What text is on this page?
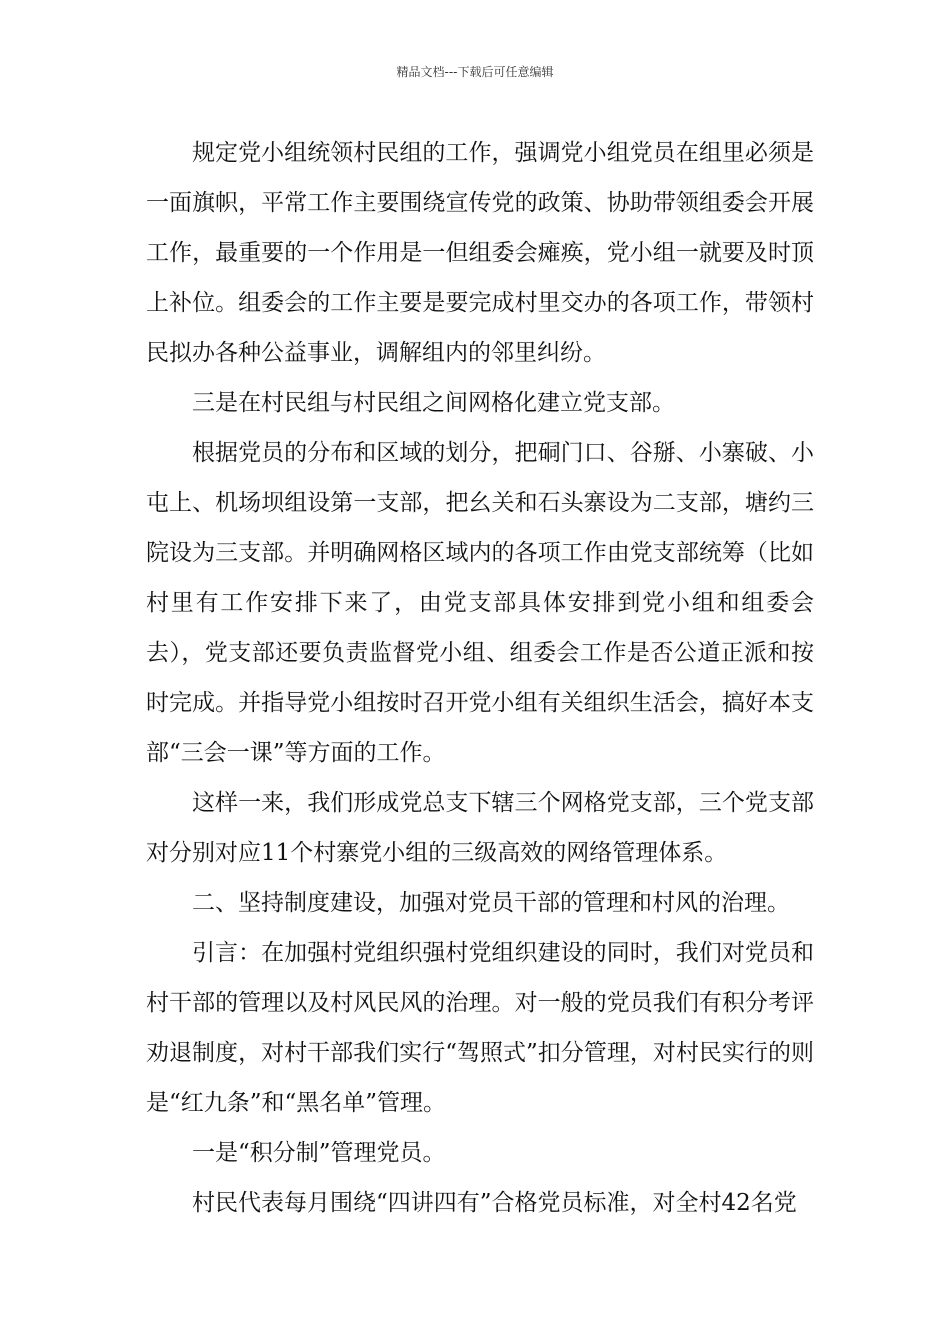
精品文档---下载后可任意编辑

规定党小组统领村民组的工作，强调党小组党员在组里必须是一面旗帜，平常工作主要围绕宣传党的政策、协助带领组委会开展工作，最重要的一个作用是一但组委会瘫痪，党小组一就要及时顶上补位。组委会的工作主要是要完成村里交办的各项工作，带领村民拟办各种公益事业，调解组内的邻里纠纷。

三是在村民组与村民组之间网格化建立党支部。

根据党员的分布和区域的划分，把硐门口、谷掰、小寨破、小屯上、机场坝组设第一支部，把幺关和石头寨设为二支部，塘约三院设为三支部。并明确网格区域内的各项工作由党支部统筹（比如村里有工作安排下来了，由党支部具体安排到党小组和组委会去），党支部还要负责监督党小组、组委会工作是否公道正派和按时完成。并指导党小组按时召开党小组有关组织生活会，搞好本支部“三会一课”等方面的工作。

这样一来，我们形成党总支下辖三个网格党支部，三个党支部对分别对应11个村寨党小组的三级高效的网络管理体系。

二、坚持制度建设，加强对党员干部的管理和村风的治理。

引言：在加强村党组织强村党组织建设的同时，我们对党员和村干部的管理以及村风民风的治理。对一般的党员我们有积分考评劝退制度，对村干部我们实行“驾照式”扣分管理，对村民实行的则是“红九条”和“黑名单”管理。

一是“积分制”管理党员。

村民代表每月围绕“四讲四有”合格党员标准，对全村42名党
